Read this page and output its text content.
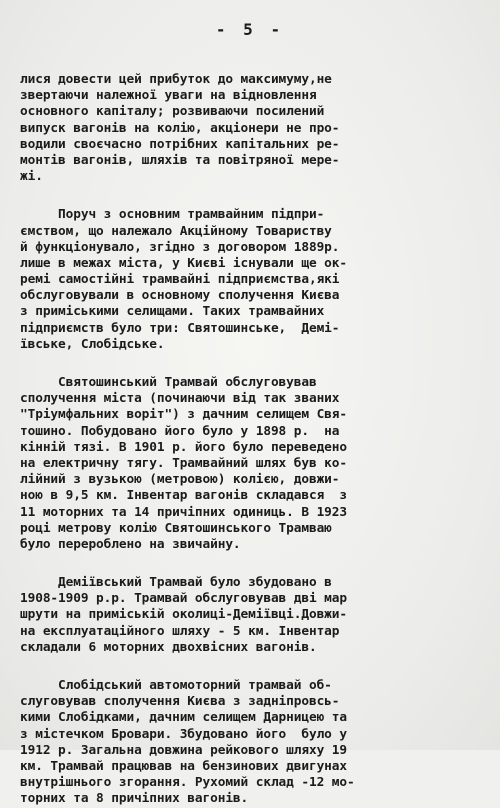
- 5 -
лися довести цей прибуток до максимуму,не
звертаючи належної уваги на відновлення
основного капіталу; розвиваючи посилений
випуск вагонів на колію, акціонери не про-
водили своєчасно потрібних капітальних ре-
монтів вагонів, шляхів та повітряної мере-
жі.
Поруч з основним трамвайним підпри-
ємством, що належало Акційному Товариству
й функціонувало, згідно з договором 1889р.
лише в межах міста, у Києві існували ще ок-
ремі самостійні трамвайні підприємства,які
обслуговували в основному сполучення Києва
з приміськими селищами. Таких трамвайних
підприємств було три: Святошинське,  Демі-
ївське, Слобідське.
Святошинський Трамвай обслуговував
сполучення міста (починаючи від так званих
"Тріумфальних воріт") з дачним селищем Свя-
тошино. Побудовано його було у 1898 р.  на
кінній тязі. В 1901 р. його було переведено
на електричну тягу. Трамвайний шлях був ко-
лійний з вузькою (метровою) колією, довжи-
ною в 9,5 км. Інвентар вагонів складався  з
11 моторних та 14 причіпних одиниць. В 1923
році метрову колію Святошинського Трамваю
було перероблено на звичайну.
Деміївський Трамвай було збудовано в
1908-1909 р.р. Трамвай обслуговував дві мар
шрути на приміській околиці-Деміївці.Довжи-
на експлуатаційного шляху - 5 км. Інвентар
складали 6 моторних двохвісних вагонів.
Слобідський автомоторний трамвай об-
слуговував сполучення Києва з задніпровсь-
кими Слобідками, дачним селищем Дарницею та
з містечком Бровари. Збудовано його  було у
1912 р. Загальна довжина рейкового шляху 19
км. Трамвай працював на бензинових двигунах
внутрішнього згорання. Рухомий склад -12 мо-
торних та 8 причіпних вагонів.
